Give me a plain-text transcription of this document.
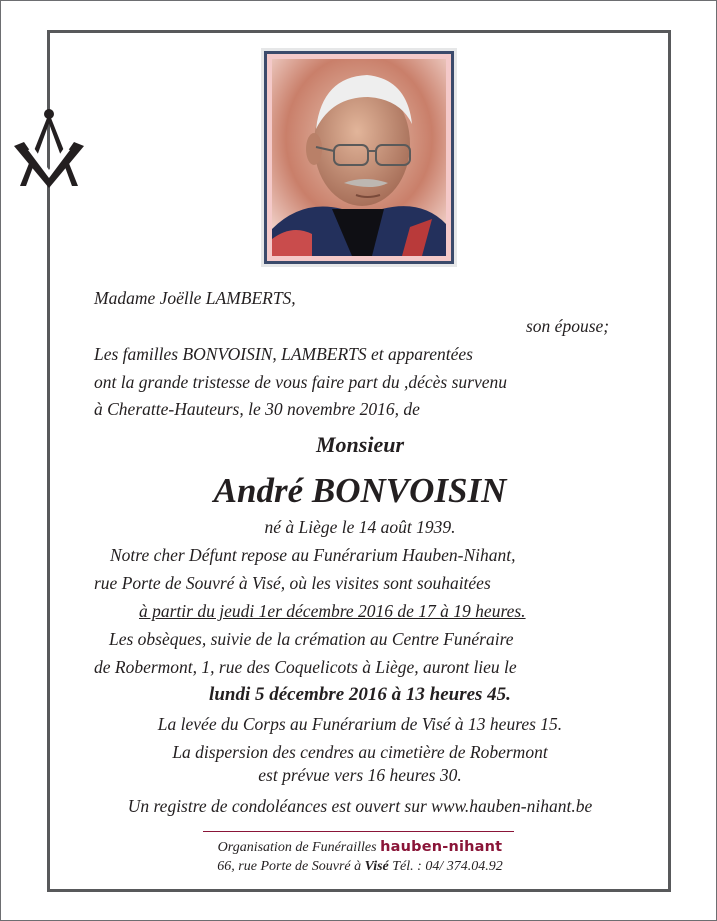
Madame Joëlle LAMBERTS,
son épouse;
Les familles BONVOISIN, LAMBERTS et apparentées
ont la grande tristesse de vous faire part du ,décès survenu
à Cheratte-Hauteurs, le 30 novembre 2016, de
Monsieur
André BONVOISIN
né à Liège le 14 août 1939.
Notre cher Défunt repose au Funérarium Hauben-Nihant,
rue Porte de Souvré à Visé, où les visites sont souhaitées
à partir du jeudi 1er décembre 2016 de 17 à 19 heures.
Les obsèques, suivie de la crémation au Centre Funéraire
de Robermont, 1, rue des Coquelicots à Liège, auront lieu le
lundi 5 décembre 2016 à 13 heures 45.
La levée du Corps au Funérarium de Visé à 13 heures 15.
La dispersion des cendres au cimetière de Robermont
est prévue vers 16 heures 30.
Un registre de condoléances est ouvert sur www.hauben-nihant.be
Organisation de Funérailles hauben-nihant
66, rue Porte de Souvré à Visé Tél. : 04/ 374.04.92
